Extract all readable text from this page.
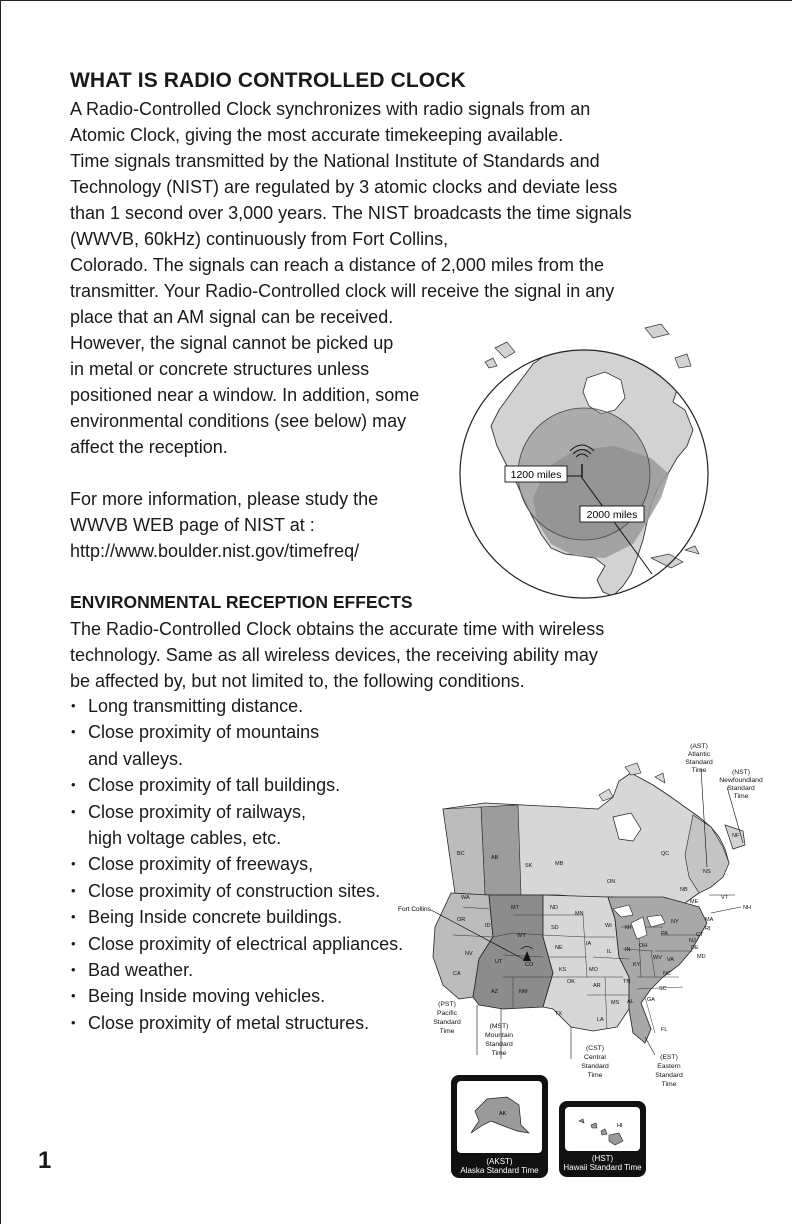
WHAT IS RADIO CONTROLLED CLOCK
A Radio-Controlled Clock synchronizes with radio signals from an
Atomic Clock, giving the most accurate timekeeping available.
Time signals transmitted by the National Institute of Standards and
Technology (NIST) are regulated by 3 atomic clocks and deviate less
than 1 second over 3,000 years. The NIST broadcasts the time signals
(WWVB, 60kHz) continuously from Fort Collins,
Colorado. The signals can reach a distance of 2,000 miles from the
transmitter. Your Radio-Controlled clock will receive the signal in any
place that an AM signal can be received.
However, the signal cannot be picked up
in metal or concrete structures unless
positioned near a window. In addition, some
environmental conditions (see below) may
affect the reception.
For more information, please study the
WWVB WEB page of NIST at :
http://www.boulder.nist.gov/timefreq/
1200 miles
2000 miles
ENVIRONMENTAL RECEPTION EFFECTS
The Radio-Controlled Clock obtains the accurate time with wireless
technology. Same as all wireless devices, the receiving ability may
be affected by, but not limited to, the following conditions.
• Long transmitting distance.
• Close proximity of mountains
and valleys.
• Close proximity of tall buildings.
• Close proximity of railways,
high voltage cables, etc.
• Close proximity of freeways,
• Close proximity of construction sites.
• Being Inside concrete buildings.
• Close proximity of electrical appliances.
• Bad weather.
• Being Inside moving vehicles.
• Close proximity of metal structures.
Fort Collins
BC
AB
SK	MB
ON
QC
NF
WA
OR
ID
MT
WY
ND
SD
MN
NE
IA
WI MI
NV
CA
UT	CO
KS	MO
IL IN
OH
PA
NY
VT
NH
ME
MA
RI
CT
NJ
DE
MD
WV VA
KY
TN
NC
SC
GA
AL
MS
AR
LA
OK
TX
NM
AZ
FL
NS
NB
(AST)
Atlantic
Standard
Time	(NST)
Newfoundland
Standard
Time
(PST)
Pacific
Standard
Time
(MST)
Mountain
Standard
Time
(CST)
Central
Standard
Time
(EST)
Eastern
Standard
Time
AK
(AKST)
Alaska Standard Time
HI
(HST)
Hawaii Standard Time
1
